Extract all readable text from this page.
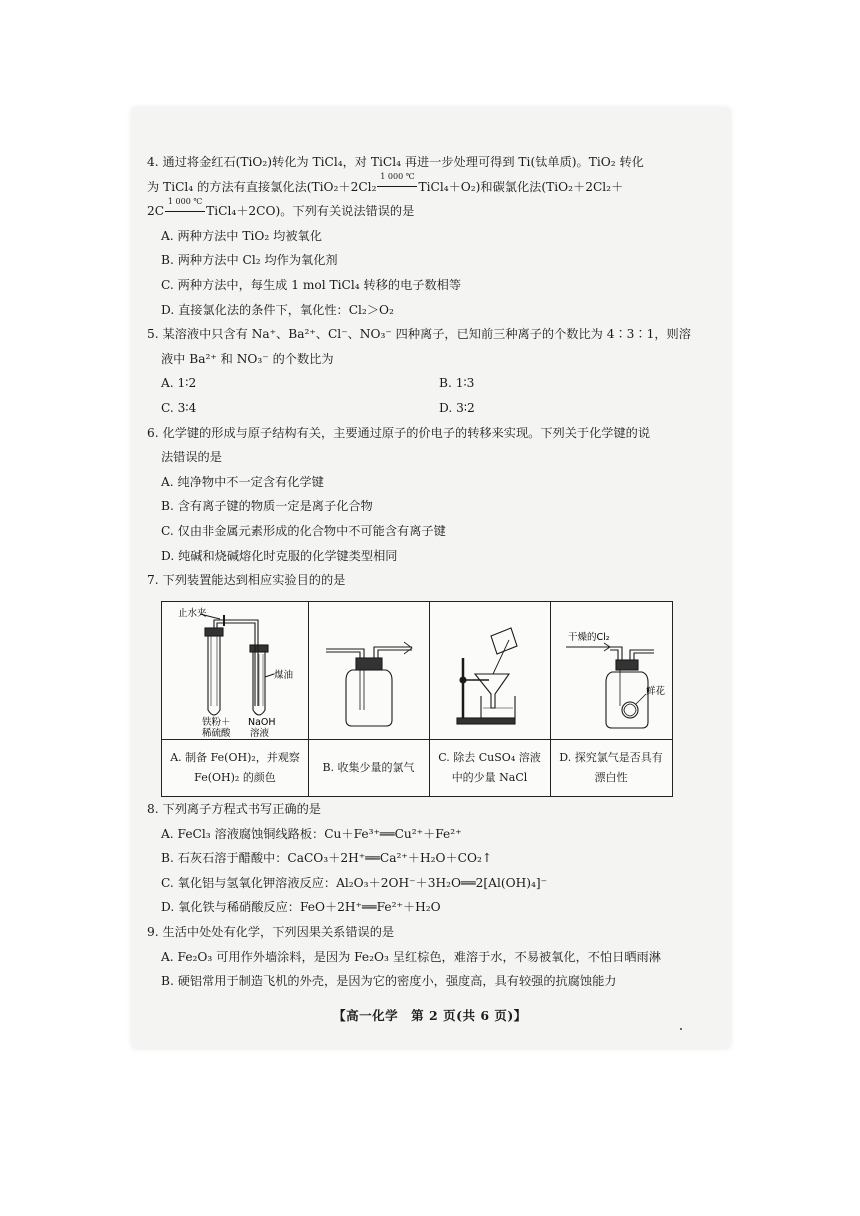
4. 通过将金红石(TiO₂)转化为 TiCl₄，对 TiCl₄ 再进一步处理可得到 Ti(钛单质)。TiO₂ 转化
为 TiCl₄ 的方法有直接氯化法(TiO₂＋2Cl₂
1 000 ℃
TiCl₄＋O₂)和碳氯化法(TiO₂＋2Cl₂＋
2C
1 000 ℃
TiCl₄＋2CO)。下列有关说法错误的是
A. 两种方法中 TiO₂ 均被氧化
B. 两种方法中 Cl₂ 均作为氧化剂
C. 两种方法中，每生成 1 mol TiCl₄ 转移的电子数相等
D. 直接氯化法的条件下，氧化性：Cl₂＞O₂
5. 某溶液中只含有 Na⁺、Ba²⁺、Cl⁻、NO₃⁻ 四种离子，已知前三种离子的个数比为 4∶3∶1，则溶
液中 Ba²⁺ 和 NO₃⁻ 的个数比为
A. 1∶2	B. 1∶3
C. 3∶4	D. 3∶2
6. 化学键的形成与原子结构有关，主要通过原子的价电子的转移来实现。下列关于化学键的说
法错误的是
A. 纯净物中不一定含有化学键
B. 含有离子键的物质一定是离子化合物
C. 仅由非金属元素形成的化合物中不可能含有离子键
D. 纯碱和烧碱熔化时克服的化学键类型相同
7. 下列装置能达到相应实验目的的是
止水夹
煤油
铁粉＋
稀硫酸
NaOH
溶液
A. 制备 Fe(OH)₂，并观察 Fe(OH)₂ 的颜色
B. 收集少量的氯气
C. 除去 CuSO₄ 溶液中的少量 NaCl
干燥的Cl₂
鲜花
D. 探究氯气是否具有漂白性
8. 下列离子方程式书写正确的是
A. FeCl₃ 溶液腐蚀铜线路板：Cu＋Fe³⁺══Cu²⁺＋Fe²⁺
B. 石灰石溶于醋酸中：CaCO₃＋2H⁺══Ca²⁺＋H₂O＋CO₂↑
C. 氧化铝与氢氧化钾溶液反应：Al₂O₃＋2OH⁻＋3H₂O══2[Al(OH)₄]⁻
D. 氧化铁与稀硝酸反应：FeO＋2H⁺══Fe²⁺＋H₂O
9. 生活中处处有化学，下列因果关系错误的是
A. Fe₂O₃ 可用作外墙涂料，是因为 Fe₂O₃ 呈红棕色，难溶于水，不易被氧化，不怕日晒雨淋
B. 硬铝常用于制造飞机的外壳，是因为它的密度小，强度高，具有较强的抗腐蚀能力
【高一化学　第 2 页(共 6 页)】
